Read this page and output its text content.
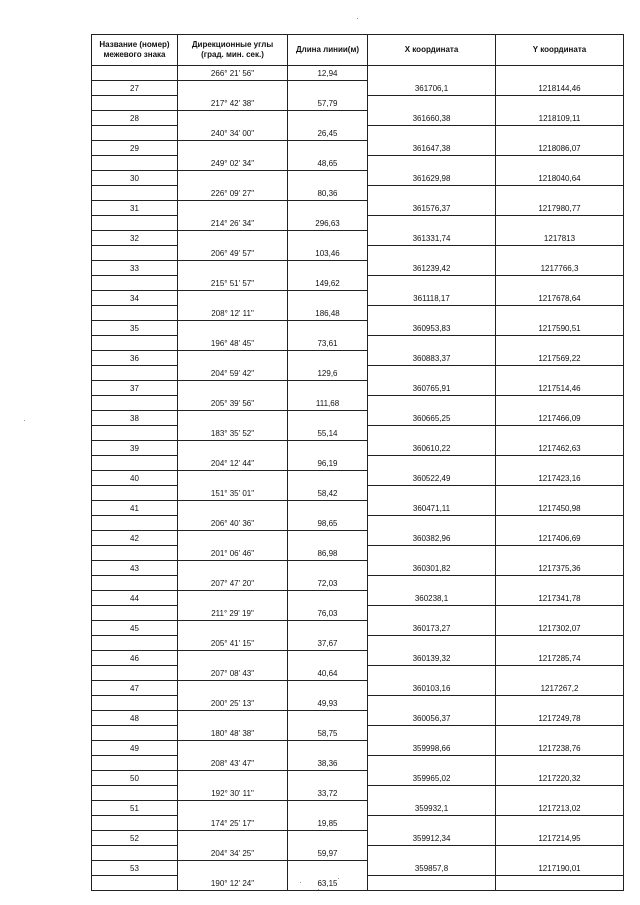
Название (номер) межевого знака	Дирекционные углы (град. мин. сек.)	Длина линии(м)	X координата	Y координата
	266° 21' 56"	12,94		
27			361706,1	1218144,46
	217° 42' 38"	57,79		
28			361660,38	1218109,11
	240° 34' 00"	26,45		
29			361647,38	1218086,07
	249° 02' 34"	48,65		
30			361629,98	1218040,64
	226° 09' 27"	80,36		
31			361576,37	1217980,77
	214° 26' 34"	296,63		
32			361331,74	1217813
	206° 49' 57"	103,46		
33			361239,42	1217766,3
	215° 51' 57"	149,62		
34			361118,17	1217678,64
	208° 12' 11"	186,48		
35			360953,83	1217590,51
	196° 48' 45"	73,61		
36			360883,37	1217569,22
	204° 59' 42"	129,6		
37			360765,91	1217514,46
	205° 39' 56"	111,68		
38			360665,25	1217466,09
	183° 35' 52"	55,14		
39			360610,22	1217462,63
	204° 12' 44"	96,19		
40			360522,49	1217423,16
	151° 35' 01"	58,42		
41			360471,11	1217450,98
	206° 40' 36"	98,65		
42			360382,96	1217406,69
	201° 06' 46"	86,98		
43			360301,82	1217375,36
	207° 47' 20"	72,03		
44			360238,1	1217341,78
	211° 29' 19"	76,03		
45			360173,27	1217302,07
	205° 41' 15"	37,67		
46			360139,32	1217285,74
	207° 08' 43"	40,64		
47			360103,16	1217267,2
	200° 25' 13"	49,93		
48			360056,37	1217249,78
	180° 48' 38"	58,75		
49			359998,66	1217238,76
	208° 43' 47"	38,36		
50			359965,02	1217220,32
	192° 30' 11"	33,72		
51			359932,1	1217213,02
	174° 25' 17"	19,85		
52			359912,34	1217214,95
	204° 34' 25"	59,97		
53			359857,8	1217190,01
	190° 12' 24"	63,15		
